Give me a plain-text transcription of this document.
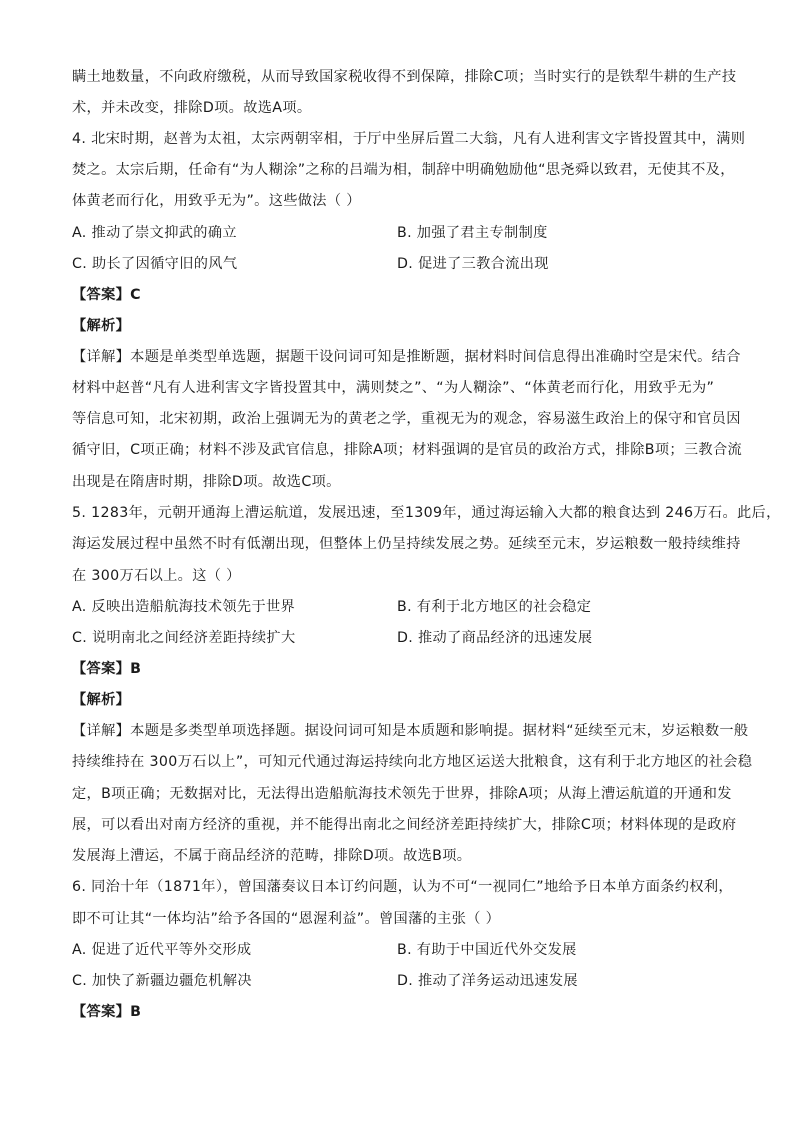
瞒土地数量，不向政府缴税，从而导致国家税收得不到保障，排除C项；当时实行的是铁犁牛耕的生产技
术，并未改变，排除D项。故选A项。
4. 北宋时期，赵普为太祖，太宗两朝宰相，于厅中坐屏后置二大翁，凡有人进利害文字皆投置其中，满则
焚之。太宗后期，任命有“为人糊涂”之称的吕端为相，制辞中明确勉励他“思尧舜以致君，无使其不及，
体黄老而行化，用致乎无为”。这些做法（ ）
A. 推动了崇文抑武的确立	B. 加强了君主专制制度
C. 助长了因循守旧的风气	D. 促进了三教合流出现
【答案】C
【解析】
【详解】本题是单类型单选题，据题干设问词可知是推断题，据材料时间信息得出准确时空是宋代。结合
材料中赵普“凡有人进利害文字皆投置其中，满则焚之”、“为人糊涂”、“体黄老而行化，用致乎无为”
等信息可知，北宋初期，政治上强调无为的黄老之学，重视无为的观念，容易滋生政治上的保守和官员因
循守旧，C项正确；材料不涉及武官信息，排除A项；材料强调的是官员的政治方式，排除B项；三教合流
出现是在隋唐时期，排除D项。故选C项。
5. 1283年，元朝开通海上漕运航道，发展迅速，至1309年，通过海运输入大都的粮食达到 246万石。此后，
海运发展过程中虽然不时有低潮出现，但整体上仍呈持续发展之势。延续至元末，岁运粮数一般持续维持
在 300万石以上。这（ ）
A. 反映出造船航海技术领先于世界	B. 有利于北方地区的社会稳定
C. 说明南北之间经济差距持续扩大	D. 推动了商品经济的迅速发展
【答案】B
【解析】
【详解】本题是多类型单项选择题。据设问词可知是本质题和影响提。据材料“延续至元末，岁运粮数一般
持续维持在 300万石以上”，可知元代通过海运持续向北方地区运送大批粮食，这有利于北方地区的社会稳
定，B项正确；无数据对比，无法得出造船航海技术领先于世界，排除A项；从海上漕运航道的开通和发
展，可以看出对南方经济的重视，并不能得出南北之间经济差距持续扩大，排除C项；材料体现的是政府
发展海上漕运，不属于商品经济的范畴，排除D项。故选B项。
6. 同治十年（1871年），曾国藩奏议日本订约问题，认为不可“一视同仁”地给予日本单方面条约权利，
即不可让其“一体均沾”给予各国的“恩渥利益”。曾国藩的主张（ ）
A. 促进了近代平等外交形成	B. 有助于中国近代外交发展
C. 加快了新疆边疆危机解决	D. 推动了洋务运动迅速发展
【答案】B
